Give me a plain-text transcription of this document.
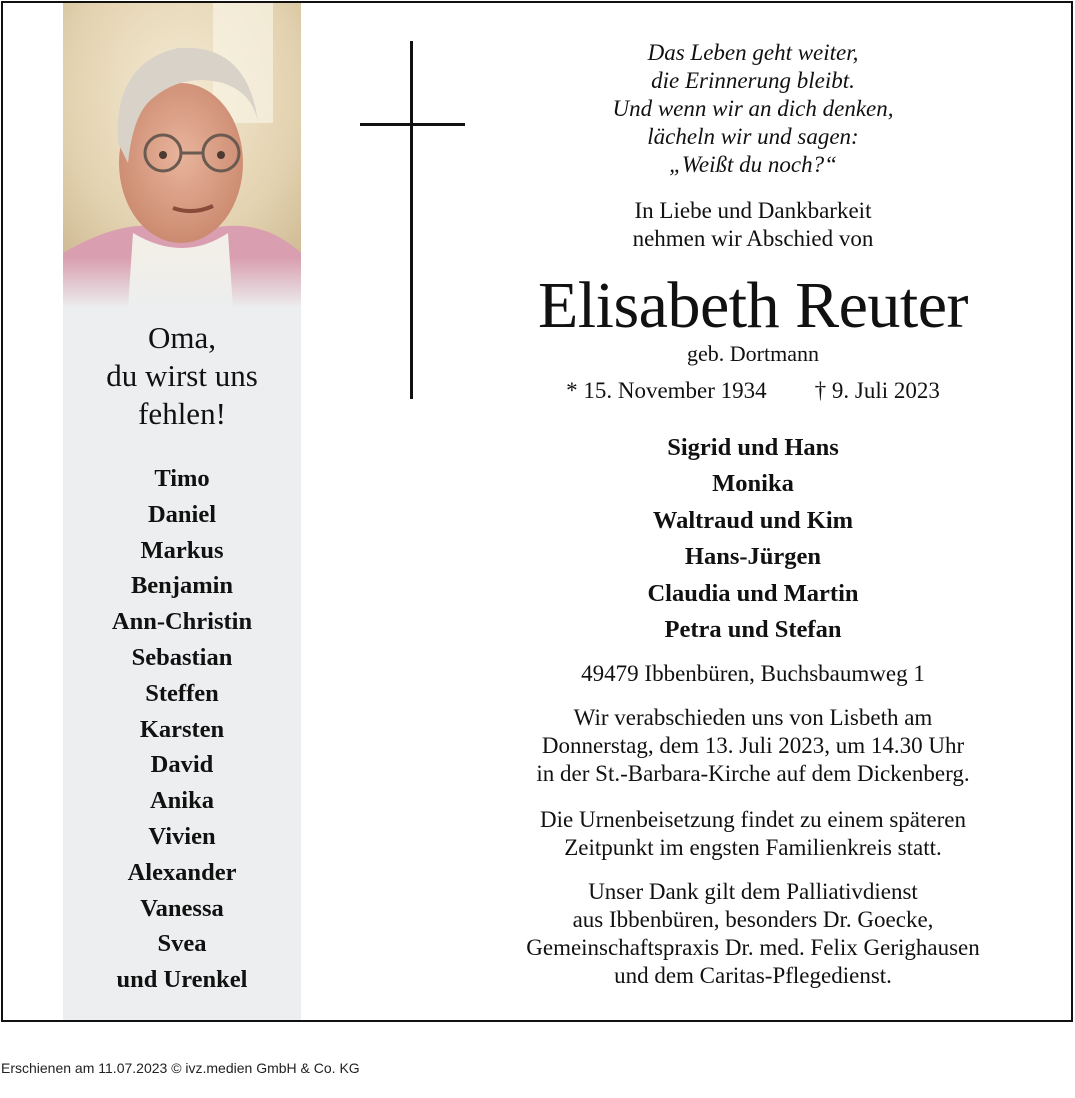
Oma,
du wirst uns
fehlen!
Timo
Daniel
Markus
Benjamin
Ann-Christin
Sebastian
Steffen
Karsten
David
Anika
Vivien
Alexander
Vanessa
Svea
und Urenkel
Das Leben geht weiter,
die Erinnerung bleibt.
Und wenn wir an dich denken,
lächeln wir und sagen:
„Weißt du noch?“
In Liebe und Dankbarkeit
nehmen wir Abschied von
Elisabeth Reuter
geb. Dortmann
* 15. November 1934 † 9. Juli 2023
Sigrid und Hans
Monika
Waltraud und Kim
Hans-Jürgen
Claudia und Martin
Petra und Stefan
49479 Ibbenbüren, Buchsbaumweg 1
Wir verabschieden uns von Lisbeth am
Donnerstag, dem 13. Juli 2023, um 14.30 Uhr
in der St.-Barbara-Kirche auf dem Dickenberg.
Die Urnenbeisetzung findet zu einem späteren
Zeitpunkt im engsten Familienkreis statt.
Unser Dank gilt dem Palliativdienst
aus Ibbenbüren, besonders Dr. Goecke,
Gemeinschaftspraxis Dr. med. Felix Gerighausen
und dem Caritas-Pflegedienst.
Erschienen am 11.07.2023 © ivz.medien GmbH & Co. KG
